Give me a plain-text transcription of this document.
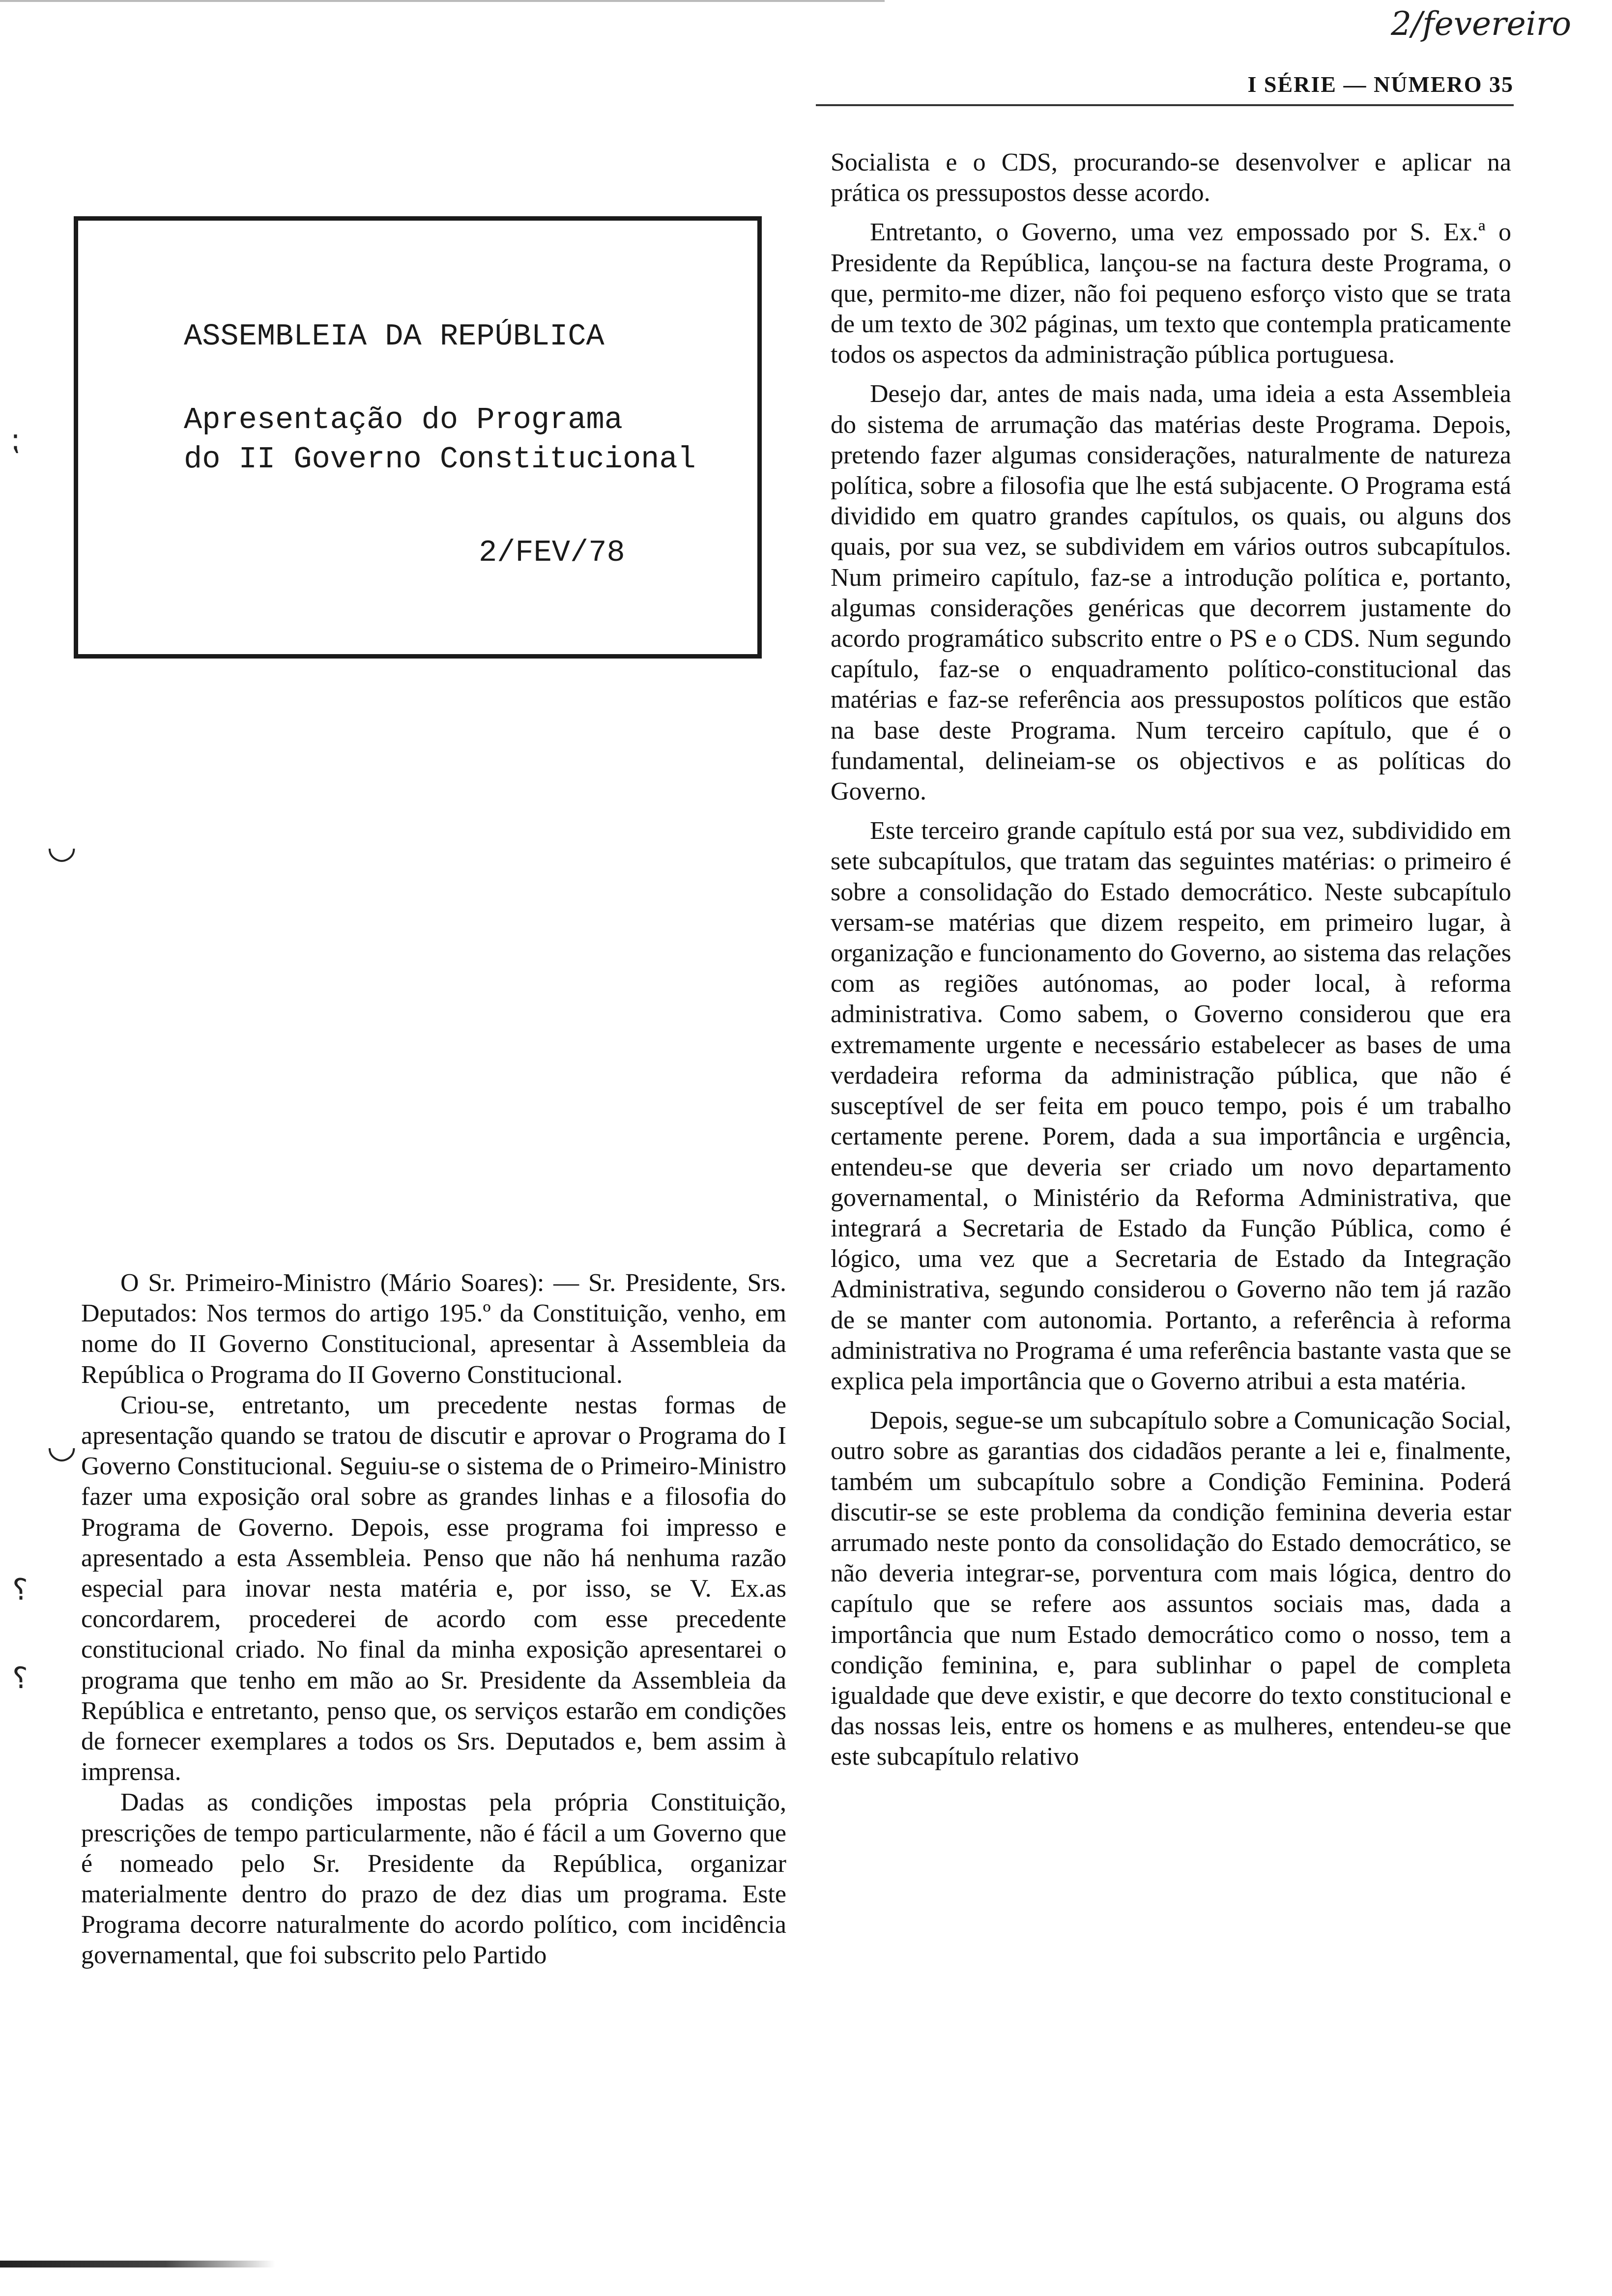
2/fevereiro
I SÉRIE — NÚMERO 35
ASSEMBLEIA DA REPÚBLICA
Apresentação do Programa
do II Governo Constitucional
2/FEV/78
⁏
◡
◡
⸮
⸮

O Sr. Primeiro-Ministro (Mário Soares): — Sr. Presidente, Srs. Deputados: Nos termos do artigo 195.º da Constituição, venho, em nome do II Governo Constitucional, apresentar à Assembleia da República o Programa do II Governo Constitucional.

Criou-se, entretanto, um precedente nestas formas de apresentação quando se tratou de discutir e aprovar o Programa do I Governo Constitucional. Seguiu-se o sistema de o Primeiro-Ministro fazer uma exposição oral sobre as grandes linhas e a filosofia do Programa de Governo. Depois, esse programa foi impresso e apresentado a esta Assembleia. Penso que não há nenhuma razão especial para inovar nesta matéria e, por isso, se V. Ex.as concordarem, procederei de acordo com esse precedente constitucional criado. No final da minha exposição apresentarei o programa que tenho em mão ao Sr. Presidente da Assembleia da República e entretanto, penso que, os serviços estarão em condições de fornecer exemplares a todos os Srs. Deputados e, bem assim à imprensa.

Dadas as condições impostas pela própria Constituição, prescrições de tempo particularmente, não é fácil a um Governo que é nomeado pelo Sr. Presidente da República, organizar materialmente dentro do prazo de dez dias um programa. Este Programa decorre naturalmente do acordo político, com incidência governamental, que foi subscrito pelo Partido

Socialista e o CDS, procurando-se desenvolver e aplicar na prática os pressupostos desse acordo.

Entretanto, o Governo, uma vez empossado por S. Ex.ª o Presidente da República, lançou-se na factura deste Programa, o que, permito-me dizer, não foi pequeno esforço visto que se trata de um texto de 302 páginas, um texto que contempla praticamente todos os aspectos da administração pública portuguesa.

Desejo dar, antes de mais nada, uma ideia a esta Assembleia do sistema de arrumação das matérias deste Programa. Depois, pretendo fazer algumas considerações, naturalmente de natureza política, sobre a filosofia que lhe está subjacente. O Programa está dividido em quatro grandes capítulos, os quais, ou alguns dos quais, por sua vez, se subdividem em vários outros subcapítulos. Num primeiro capítulo, faz-se a introdução política e, portanto, algumas considerações genéricas que decorrem justamente do acordo programático subscrito entre o PS e o CDS. Num segundo capítulo, faz-se o enquadramento político-constitucional das matérias e faz-se referência aos pressupostos políticos que estão na base deste Programa. Num terceiro capítulo, que é o fundamental, delineiam-se os objectivos e as políticas do Governo.

Este terceiro grande capítulo está por sua vez, subdividido em sete subcapítulos, que tratam das seguintes matérias: o primeiro é sobre a consolidação do Estado democrático. Neste subcapítulo versam-se matérias que dizem respeito, em primeiro lugar, à organização e funcionamento do Governo, ao sistema das relações com as regiões autónomas, ao poder local, à reforma administrativa. Como sabem, o Governo considerou que era extremamente urgente e necessário estabelecer as bases de uma verdadeira reforma da administração pública, que não é susceptível de ser feita em pouco tempo, pois é um trabalho certamente perene. Porem, dada a sua importância e urgência, entendeu-se que deveria ser criado um novo departamento governamental, o Ministério da Reforma Administrativa, que integrará a Secretaria de Estado da Função Pública, como é lógico, uma vez que a Secretaria de Estado da Integração Administrativa, segundo considerou o Governo não tem já razão de se manter com autonomia. Portanto, a referência à reforma administrativa no Programa é uma referência bastante vasta que se explica pela importância que o Governo atribui a esta matéria.

Depois, segue-se um subcapítulo sobre a Comunicação Social, outro sobre as garantias dos cidadãos perante a lei e, finalmente, também um subcapítulo sobre a Condição Feminina. Poderá discutir-se se este problema da condição feminina deveria estar arrumado neste ponto da consolidação do Estado democrático, se não deveria integrar-se, porventura com mais lógica, dentro do capítulo que se refere aos assuntos sociais mas, dada a importância que num Estado democrático como o nosso, tem a condição feminina, e, para sublinhar o papel de completa igualdade que deve existir, e que decorre do texto constitucional e das nossas leis, entre os homens e as mulheres, entendeu-se que este subcapítulo relativo
